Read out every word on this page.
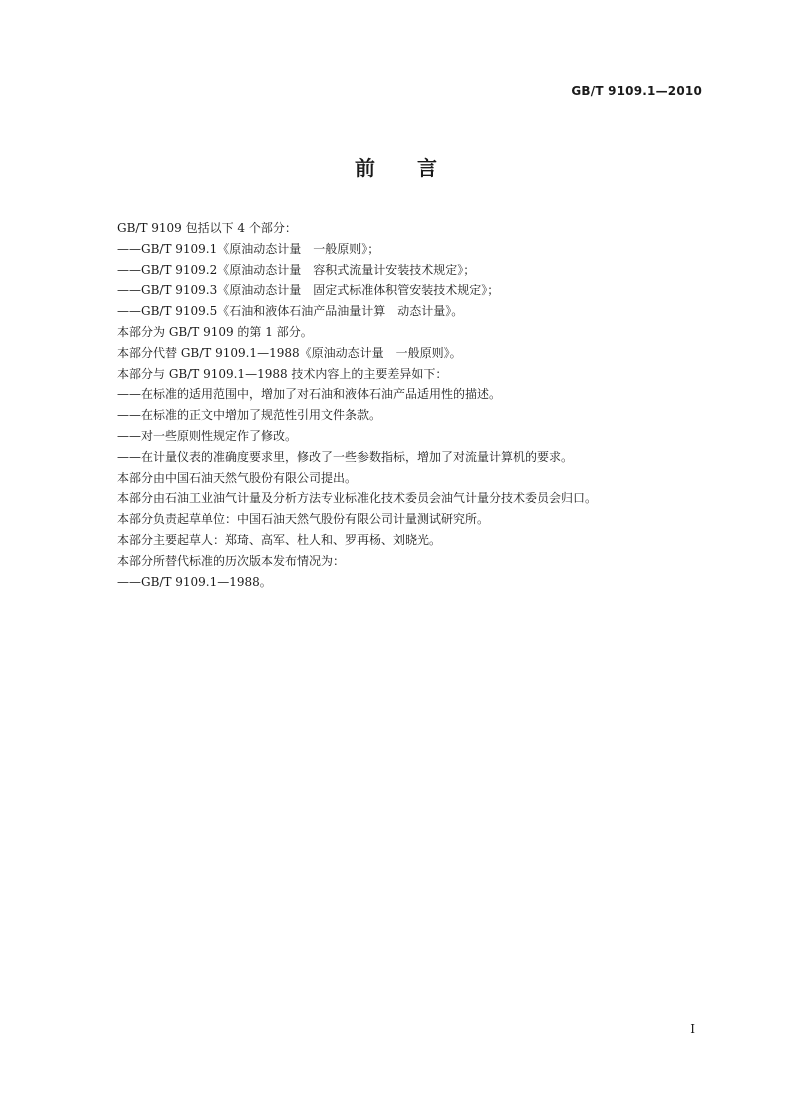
GB/T 9109.1—2010
前言
GB/T 9109 包括以下 4 个部分：
——GB/T 9109.1《原油动态计量　一般原则》；
——GB/T 9109.2《原油动态计量　容积式流量计安装技术规定》；
——GB/T 9109.3《原油动态计量　固定式标准体积管安装技术规定》；
——GB/T 9109.5《石油和液体石油产品油量计算　动态计量》。
本部分为 GB/T 9109 的第 1 部分。
本部分代替 GB/T 9109.1—1988《原油动态计量　一般原则》。
本部分与 GB/T 9109.1—1988 技术内容上的主要差异如下：
——在标准的适用范围中，增加了对石油和液体石油产品适用性的描述。
——在标准的正文中增加了规范性引用文件条款。
——对一些原则性规定作了修改。
——在计量仪表的准确度要求里，修改了一些参数指标，增加了对流量计算机的要求。
本部分由中国石油天然气股份有限公司提出。
本部分由石油工业油气计量及分析方法专业标准化技术委员会油气计量分技术委员会归口。
本部分负责起草单位：中国石油天然气股份有限公司计量测试研究所。
本部分主要起草人：郑琦、高军、杜人和、罗再杨、刘晓光。
本部分所替代标准的历次版本发布情况为：
——GB/T 9109.1—1988。
I
